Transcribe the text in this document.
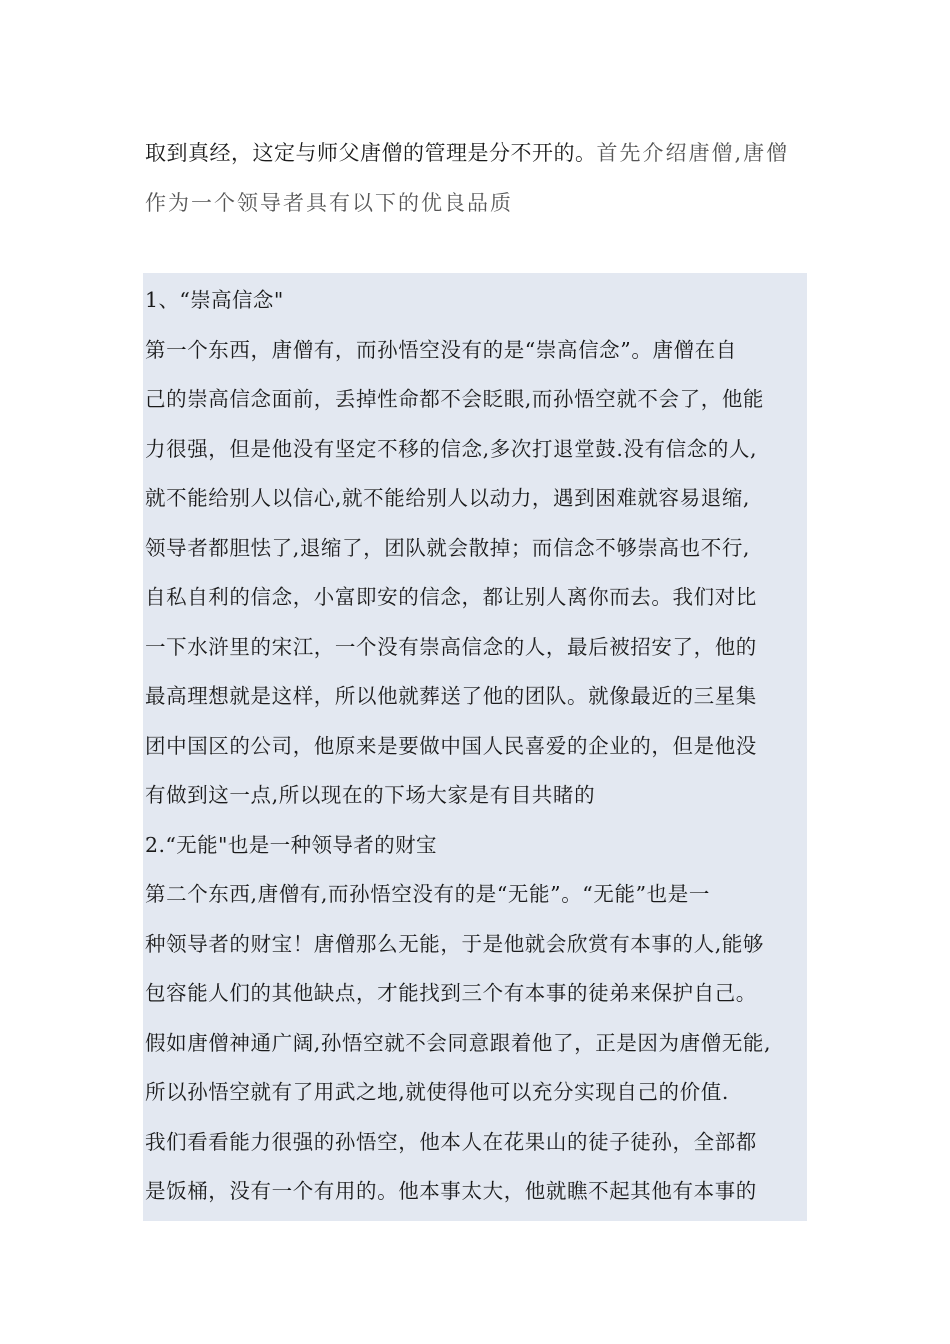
取到真经，这定与师父唐僧的管理是分不开的。首先介绍唐僧,唐僧
作为一个领导者具有以下的优良品质
1、“崇高信念"
第一个东西，唐僧有，而孙悟空没有的是“崇高信念”。唐僧在自
己的崇高信念面前，丢掉性命都不会眨眼,而孙悟空就不会了，他能
力很强，但是他没有坚定不移的信念,多次打退堂鼓.没有信念的人,
就不能给别人以信心,就不能给别人以动力，遇到困难就容易退缩,
领导者都胆怯了,退缩了，团队就会散掉；而信念不够崇高也不行,
自私自利的信念，小富即安的信念，都让别人离你而去。我们对比
一下水浒里的宋江，一个没有崇高信念的人，最后被招安了，他的
最高理想就是这样，所以他就葬送了他的团队。就像最近的三星集
团中国区的公司，他原来是要做中国人民喜爱的企业的，但是他没
有做到这一点,所以现在的下场大家是有目共睹的
2.“无能"也是一种领导者的财宝
第二个东西,唐僧有,而孙悟空没有的是“无能”。“无能”也是一
种领导者的财宝！唐僧那么无能，于是他就会欣赏有本事的人,能够
包容能人们的其他缺点，才能找到三个有本事的徒弟来保护自己。
假如唐僧神通广阔,孙悟空就不会同意跟着他了，正是因为唐僧无能,
所以孙悟空就有了用武之地,就使得他可以充分实现自己的价值.
我们看看能力很强的孙悟空，他本人在花果山的徒子徒孙，全部都
是饭桶，没有一个有用的。他本事太大，他就瞧不起其他有本事的
